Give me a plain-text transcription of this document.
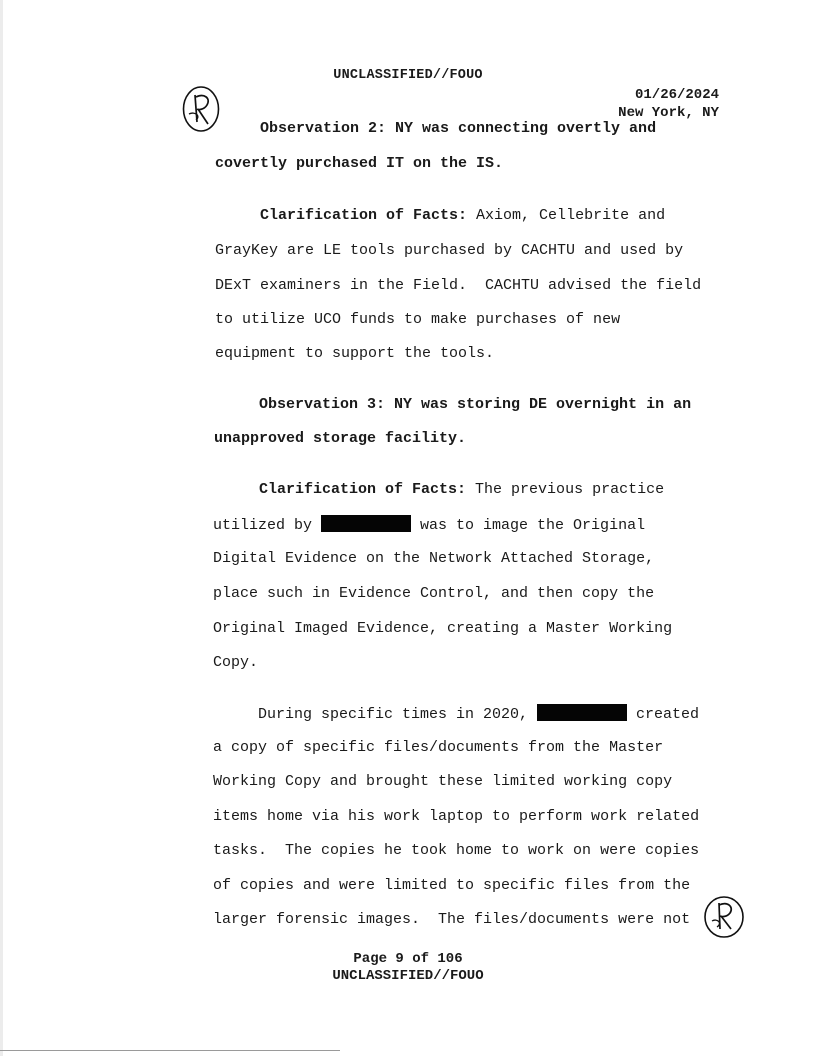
UNCLASSIFIED//FOUO
01/26/2024
New York, NY
Observation 2: NY was connecting overtly and
covertly purchased IT on the IS.
Clarification of Facts: Axiom, Cellebrite and
GrayKey are LE tools purchased by CACHTU and used by
DExT examiners in the Field.  CACHTU advised the field
to utilize UCO funds to make purchases of new
equipment to support the tools.
Observation 3: NY was storing DE overnight in an
unapproved storage facility.
Clarification of Facts: The previous practice
utilized by	was to image the Original
Digital Evidence on the Network Attached Storage,
place such in Evidence Control, and then copy the
Original Imaged Evidence, creating a Master Working
Copy.
During specific times in 2020,	created
a copy of specific files/documents from the Master
Working Copy and brought these limited working copy
items home via his work laptop to perform work related
tasks.  The copies he took home to work on were copies
of copies and were limited to specific files from the
larger forensic images.  The files/documents were not
Page 9 of 106
UNCLASSIFIED//FOUO
